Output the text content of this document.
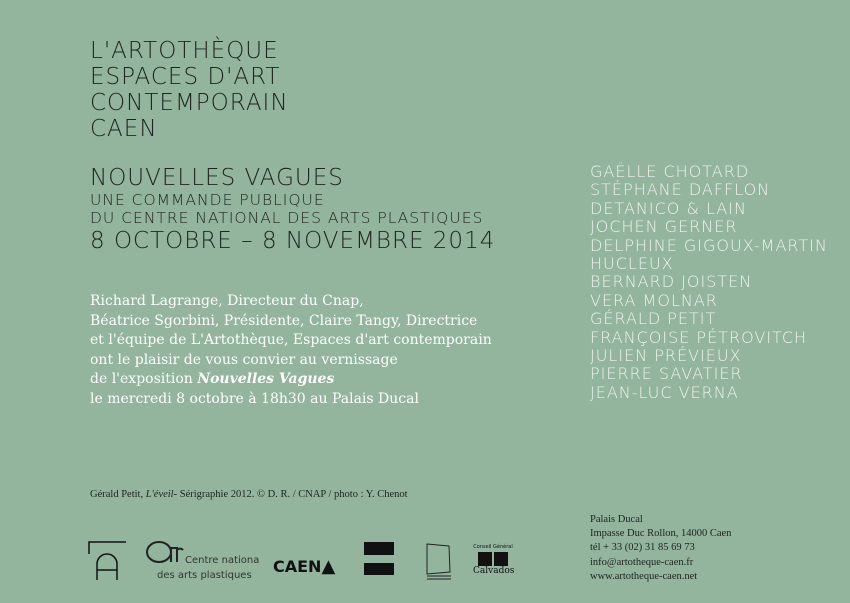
L'ARTOTHÈQUE
ESPACES D'ART
CONTEMPORAIN
CAEN
NOUVELLES VAGUES
UNE COMMANDE PUBLIQUE
DU CENTRE NATIONAL DES ARTS PLASTIQUES
8 OCTOBRE – 8 NOVEMBRE 2014
GAËLLE CHOTARD
STÉPHANE DAFFLON
DETANICO & LAIN
JOCHEN GERNER
DELPHINE GIGOUX-MARTIN
HUCLEUX
BERNARD JOISTEN
VERA MOLNAR
GÉRALD PETIT
FRANÇOISE PÉTROVITCH
JULIEN PRÉVIEUX
PIERRE SAVATIER
JEAN-LUC VERNA
Richard Lagrange, Directeur du Cnap,
Béatrice Sgorbini, Présidente, Claire Tangy, Directrice
et l'équipe de L'Artothèque, Espaces d'art contemporain
ont le plaisir de vous convier au vernissage
de l'exposition Nouvelles Vagues
le mercredi 8 octobre à 18h30 au Palais Ducal
Gérald Petit, L'éveil- Sérigraphie 2012. © D. R. / CNAP / photo : Y. Chenot
Palais Ducal
Impasse Duc Rollon, 14000 Caen
tél + 33 (02) 31 85 69 73
info@artotheque-caen.fr
www.artotheque-caen.net
Centre nationa
des arts plastiques CAEN▲
Conseil Général
Calvados
